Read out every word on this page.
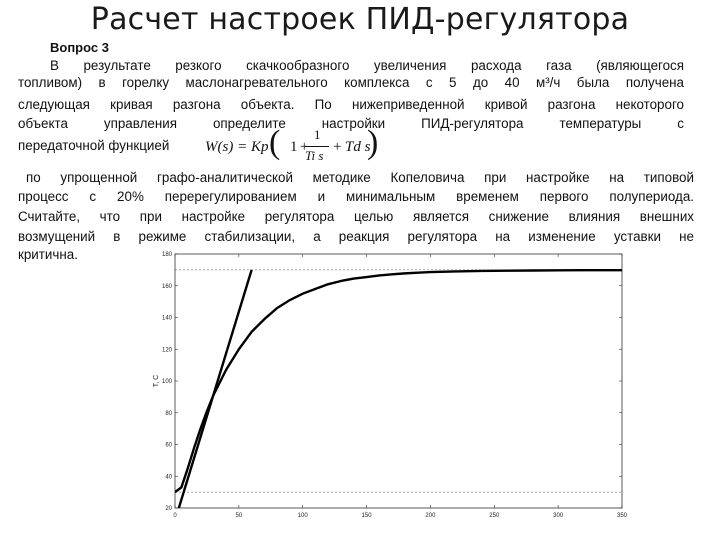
Расчет настроек ПИД-регулятора
Вопрос 3
В результате резкого скачкообразного увеличения расхода газа (являющегося
топливом) в горелку маслонагревательного комплекса с 5 до 40 м³/ч была получена
следующая кривая разгона объекта. По нижеприведенной кривой разгона некоторого
объекта управления определите настройки ПИД-регулятора температуры с
передаточной функцией	W(s) = Kp ( 1 +
1
Ti s
+ Td s
)
по упрощенной графо-аналитической методике Копеловича при настройке на типовой
процесс с 20% перерегулированием и минимальным временем первого полупериода.
Считайте, что при настройке регулятора целью является снижение влияния внешних
возмущений в режиме стабилизации, а реакция регулятора на изменение уставки не
критична.
0	50	100	150	200	250	300	350
20
40
60
80
100
120
140
160
180
T, C
